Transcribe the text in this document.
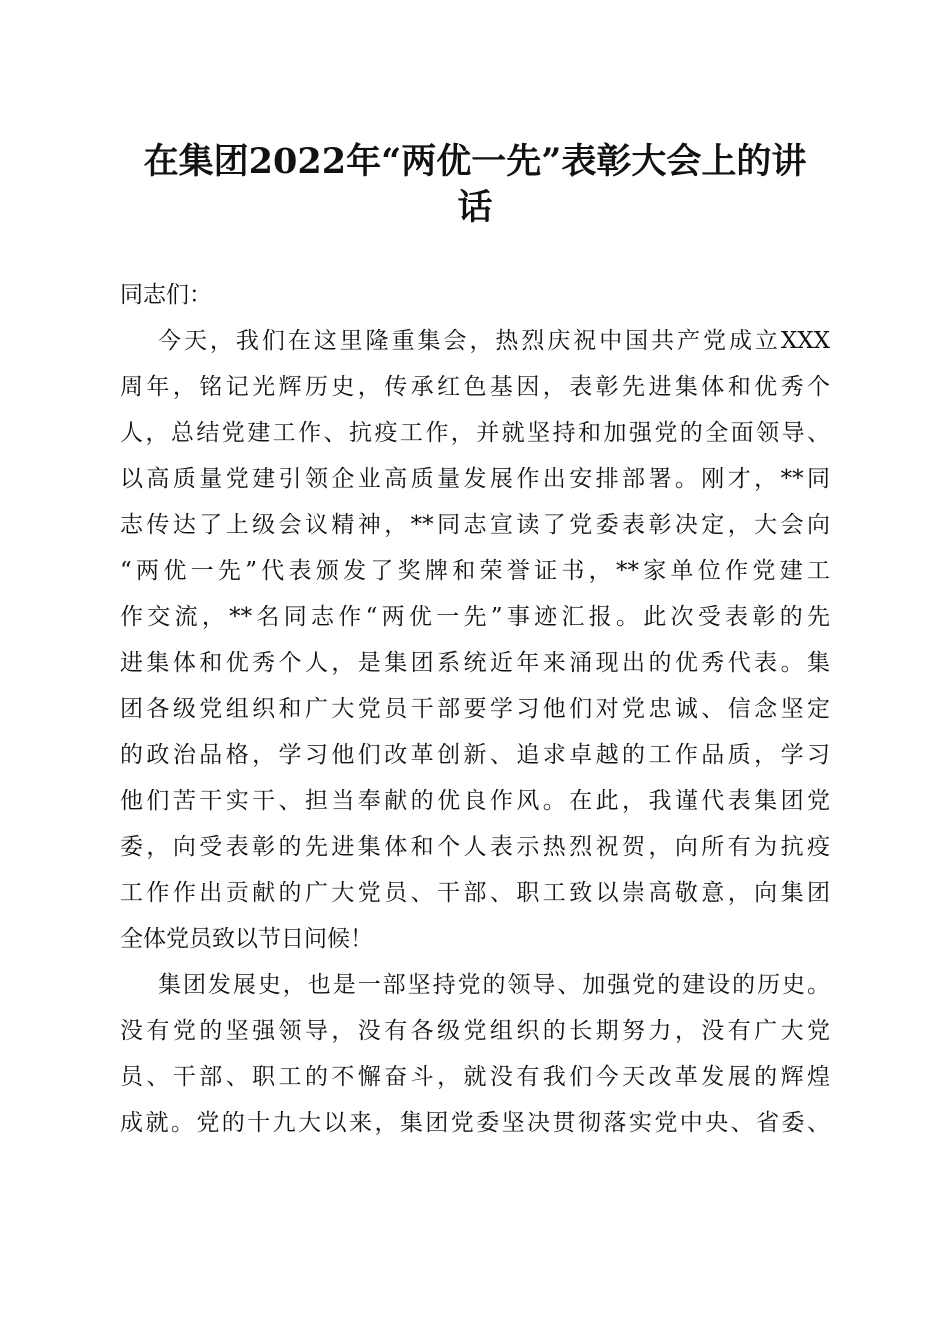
在集团2022年“两优一先”表彰大会上的讲
话

同志们：

今天，我们在这里隆重集会，热烈庆祝中国共产党成立XXX

周年，铭记光辉历史，传承红色基因，表彰先进集体和优秀个

人，总结党建工作、抗疫工作，并就坚持和加强党的全面领导、

以高质量党建引领企业高质量发展作出安排部署。刚才，**同

志传达了上级会议精神，**同志宣读了党委表彰决定，大会向

“两优一先”代表颁发了奖牌和荣誉证书，**家单位作党建工

作交流，**名同志作“两优一先”事迹汇报。此次受表彰的先

进集体和优秀个人，是集团系统近年来涌现出的优秀代表。集

团各级党组织和广大党员干部要学习他们对党忠诚、信念坚定

的政治品格，学习他们改革创新、追求卓越的工作品质，学习

他们苦干实干、担当奉献的优良作风。在此，我谨代表集团党

委，向受表彰的先进集体和个人表示热烈祝贺，向所有为抗疫

工作作出贡献的广大党员、干部、职工致以崇高敬意，向集团

全体党员致以节日问候！

集团发展史，也是一部坚持党的领导、加强党的建设的历史。

没有党的坚强领导，没有各级党组织的长期努力，没有广大党

员、干部、职工的不懈奋斗，就没有我们今天改革发展的辉煌

成就。党的十九大以来，集团党委坚决贯彻落实党中央、省委、
